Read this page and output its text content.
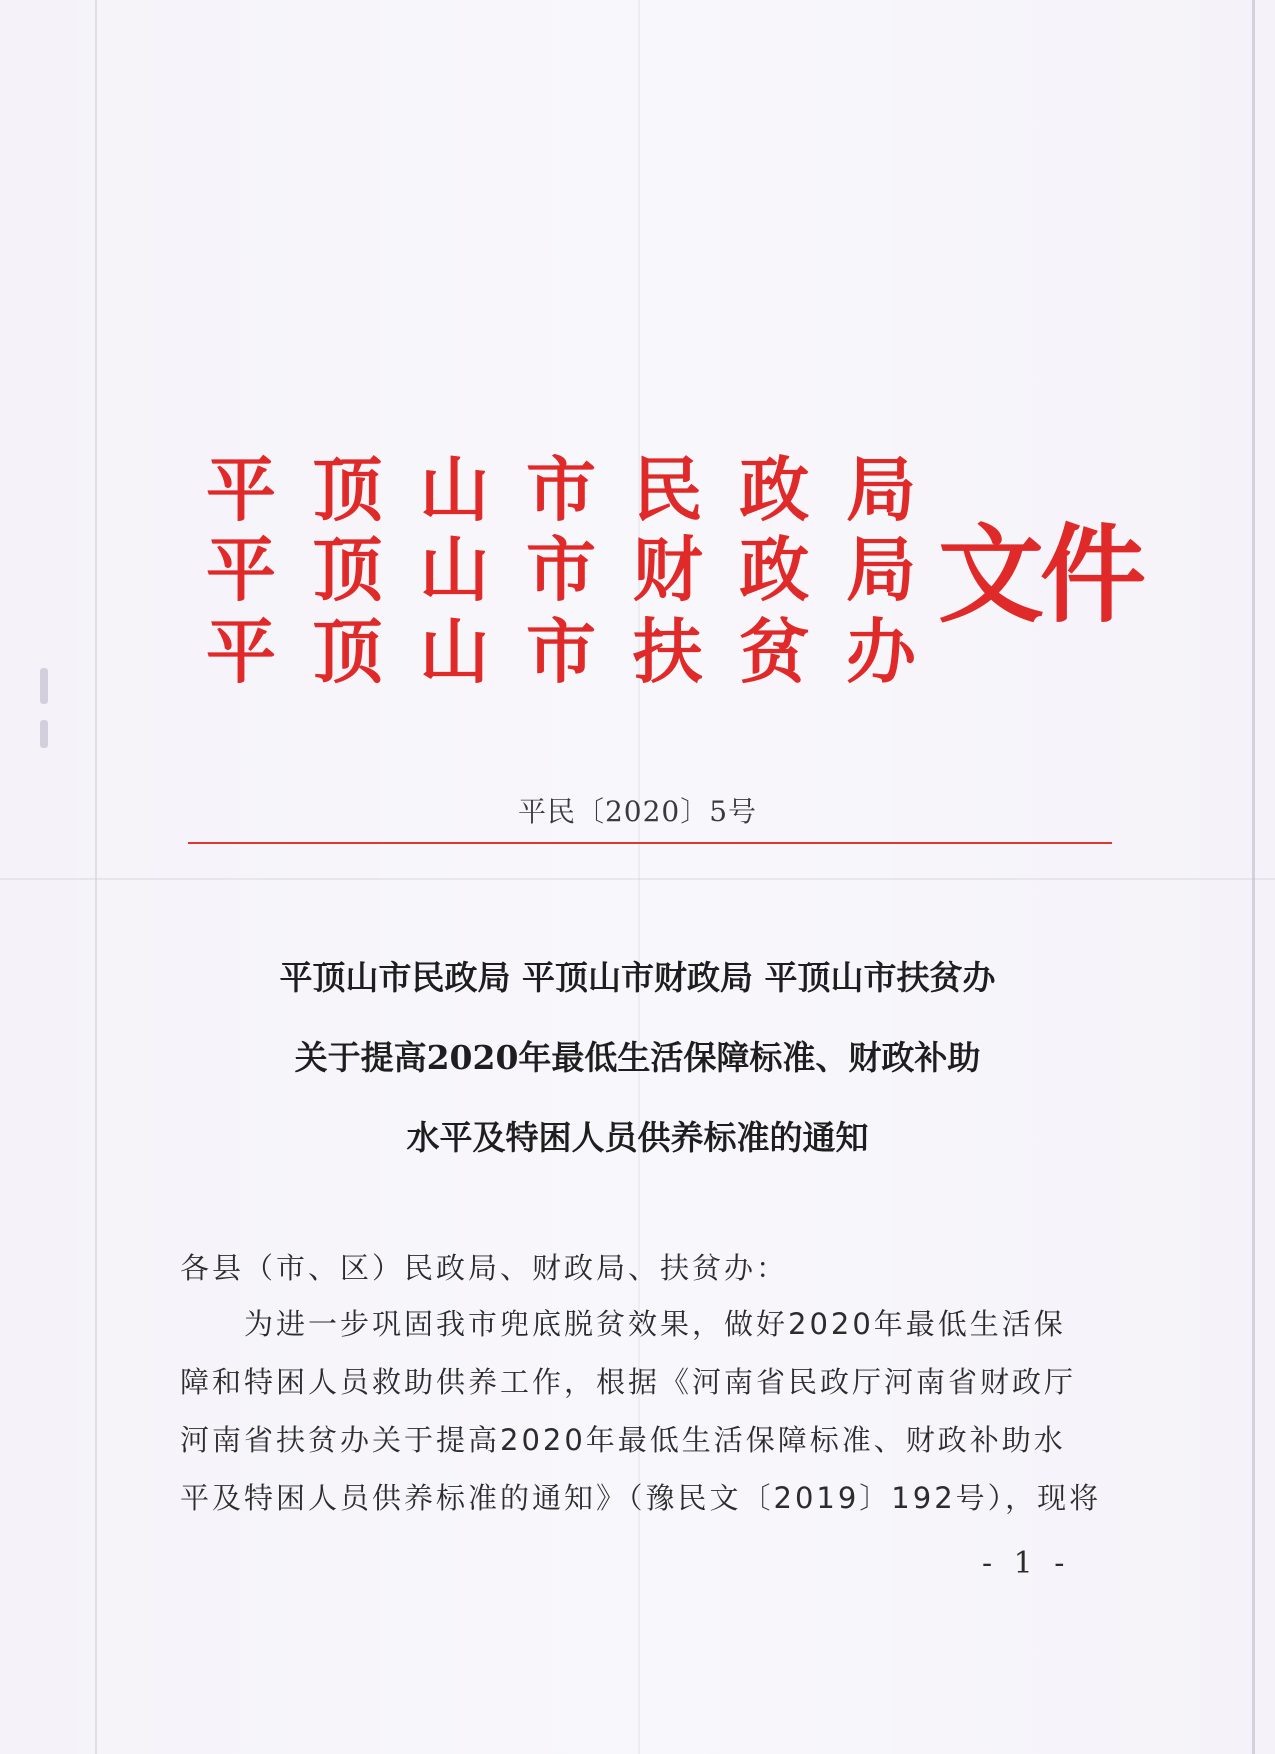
平 顶 山 市 民 政 局
平 顶 山 市 财 政 局
平 顶 山 市 扶 贫 办
文件
平民〔2020〕5号
平顶山市民政局 平顶山市财政局 平顶山市扶贫办
关于提高2020年最低生活保障标准、财政补助
水平及特困人员供养标准的通知
各县（市、区）民政局、财政局、扶贫办：
为进一步巩固我市兜底脱贫效果，做好2020年最低生活保
障和特困人员救助供养工作，根据《河南省民政厅河南省财政厅
河南省扶贫办关于提高2020年最低生活保障标准、财政补助水
平及特困人员供养标准的通知》（豫民文〔2019〕192号），现将
- 1 -
